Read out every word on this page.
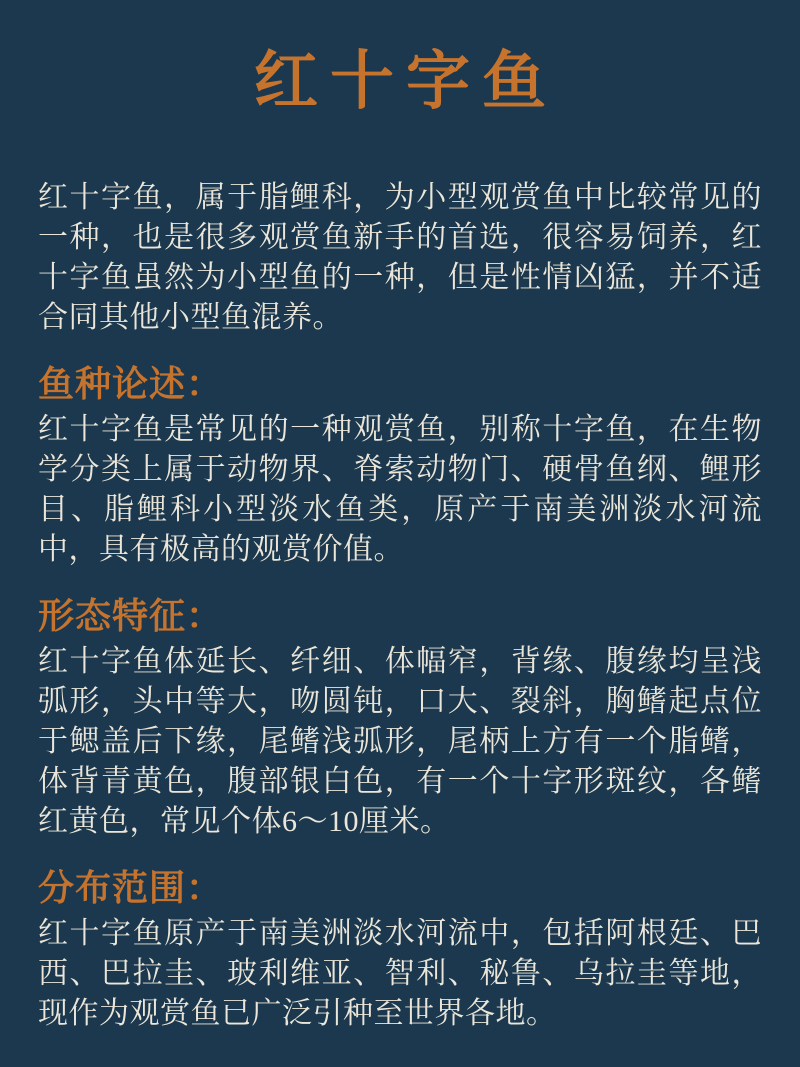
红十字鱼

红十字鱼，属于脂鲤科，为小型观赏鱼中比较常见的一种，也是很多观赏鱼新手的首选，很容易饲养，红十字鱼虽然为小型鱼的一种，但是性情凶猛，并不适合同其他小型鱼混养。

鱼种论述：

红十字鱼是常见的一种观赏鱼，别称十字鱼，在生物学分类上属于动物界、脊索动物门、硬骨鱼纲、鲤形目、脂鲤科小型淡水鱼类，原产于南美洲淡水河流中，具有极高的观赏价值。

形态特征：

红十字鱼体延长、纤细、体幅窄，背缘、腹缘均呈浅弧形，头中等大，吻圆钝，口大、裂斜，胸鳍起点位于鳃盖后下缘，尾鳍浅弧形，尾柄上方有一个脂鳍，体背青黄色，腹部银白色，有一个十字形斑纹，各鳍红黄色，常见个体6～10厘米。

分布范围：

红十字鱼原产于南美洲淡水河流中，包括阿根廷、巴西、巴拉圭、玻利维亚、智利、秘鲁、乌拉圭等地，现作为观赏鱼已广泛引种至世界各地。
